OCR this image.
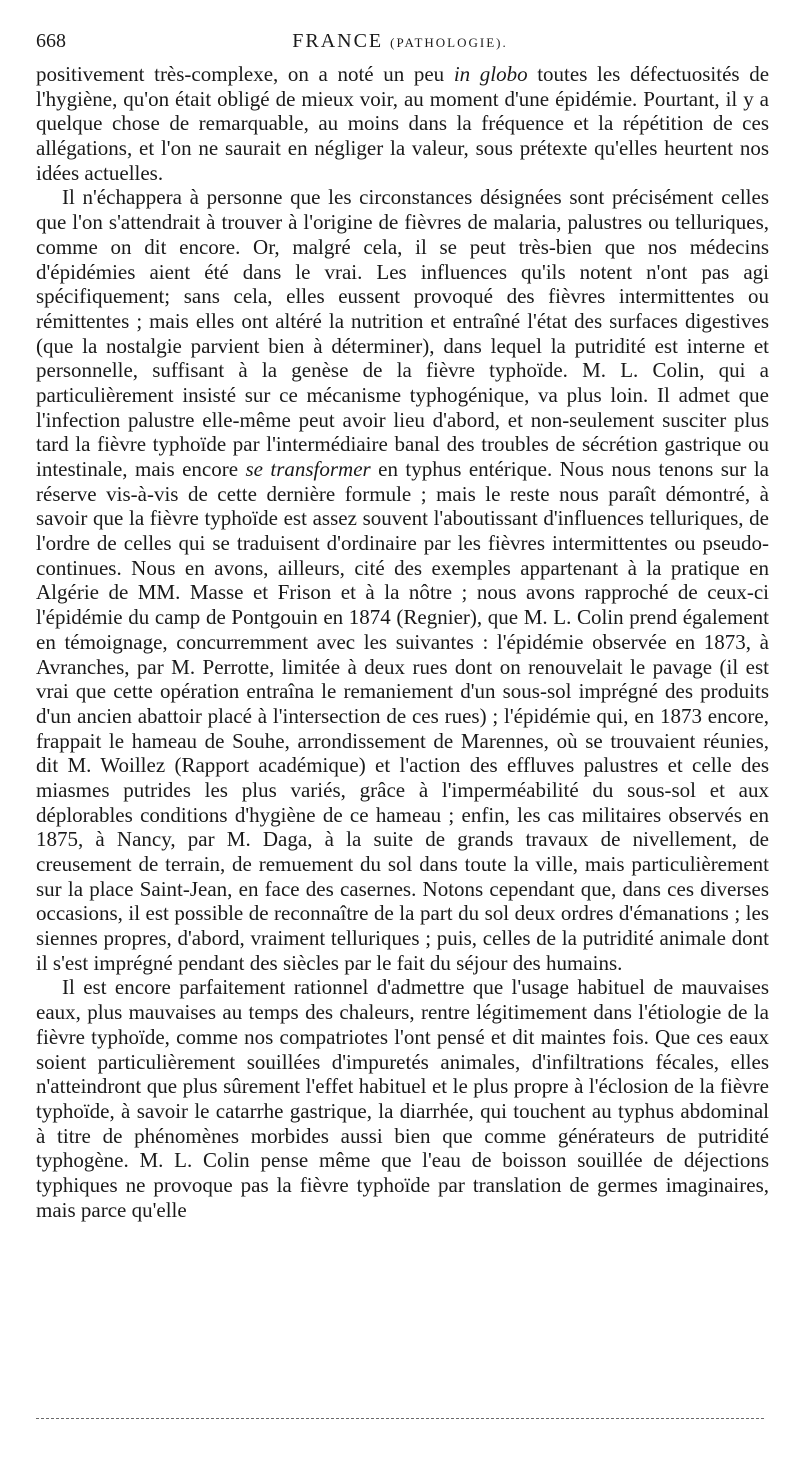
668	FRANCE (PATHOLOGIE).

positivement très-complexe, on a noté un peu in globo toutes les défectuosités de l'hygiène, qu'on était obligé de mieux voir, au moment d'une épidémie. Pourtant, il y a quelque chose de remarquable, au moins dans la fréquence et la répétition de ces allégations, et l'on ne saurait en négliger la valeur, sous prétexte qu'elles heurtent nos idées actuelles.

Il n'échappera à personne que les circonstances désignées sont précisément celles que l'on s'attendrait à trouver à l'origine de fièvres de malaria, palustres ou telluriques, comme on dit encore. Or, malgré cela, il se peut très-bien que nos médecins d'épidémies aient été dans le vrai. Les influences qu'ils notent n'ont pas agi spécifiquement; sans cela, elles eussent provoqué des fièvres intermittentes ou rémittentes ; mais elles ont altéré la nutrition et entraîné l'état des surfaces digestives (que la nostalgie parvient bien à déterminer), dans lequel la putridité est interne et personnelle, suffisant à la genèse de la fièvre typhoïde. M. L. Colin, qui a particulièrement insisté sur ce mécanisme typhogénique, va plus loin. Il admet que l'infection palustre elle-même peut avoir lieu d'abord, et non-seulement susciter plus tard la fièvre typhoïde par l'intermédiaire banal des troubles de sécrétion gastrique ou intestinale, mais encore se transformer en typhus entérique. Nous nous tenons sur la réserve vis-à-vis de cette dernière formule ; mais le reste nous paraît démontré, à savoir que la fièvre typhoïde est assez souvent l'aboutissant d'influences telluriques, de l'ordre de celles qui se traduisent d'ordinaire par les fièvres intermittentes ou pseudo-continues. Nous en avons, ailleurs, cité des exemples appartenant à la pratique en Algérie de MM. Masse et Frison et à la nôtre ; nous avons rapproché de ceux-ci l'épidémie du camp de Pontgouin en 1874 (Regnier), que M. L. Colin prend également en témoignage, concurremment avec les suivantes : l'épidémie observée en 1873, à Avranches, par M. Perrotte, limitée à deux rues dont on renouvelait le pavage (il est vrai que cette opération entraîna le remaniement d'un sous-sol imprégné des produits d'un ancien abattoir placé à l'intersection de ces rues) ; l'épidémie qui, en 1873 encore, frappait le hameau de Souhe, arrondissement de Marennes, où se trouvaient réunies, dit M. Woillez (Rapport académique) et l'action des effluves palustres et celle des miasmes putrides les plus variés, grâce à l'imperméabilité du sous-sol et aux déplorables conditions d'hygiène de ce hameau ; enfin, les cas militaires observés en 1875, à Nancy, par M. Daga, à la suite de grands travaux de nivellement, de creusement de terrain, de remuement du sol dans toute la ville, mais particulièrement sur la place Saint-Jean, en face des casernes. Notons cependant que, dans ces diverses occasions, il est possible de reconnaître de la part du sol deux ordres d'émanations ; les siennes propres, d'abord, vraiment telluriques ; puis, celles de la putridité animale dont il s'est imprégné pendant des siècles par le fait du séjour des humains.

Il est encore parfaitement rationnel d'admettre que l'usage habituel de mauvaises eaux, plus mauvaises au temps des chaleurs, rentre légitimement dans l'étiologie de la fièvre typhoïde, comme nos compatriotes l'ont pensé et dit maintes fois. Que ces eaux soient particulièrement souillées d'impuretés animales, d'infiltrations fécales, elles n'atteindront que plus sûrement l'effet habituel et le plus propre à l'éclosion de la fièvre typhoïde, à savoir le catarrhe gastrique, la diarrhée, qui touchent au typhus abdominal à titre de phénomènes morbides aussi bien que comme générateurs de putridité typhogène. M. L. Colin pense même que l'eau de boisson souillée de déjections typhiques ne provoque pas la fièvre typhoïde par translation de germes imaginaires, mais parce qu'elle
